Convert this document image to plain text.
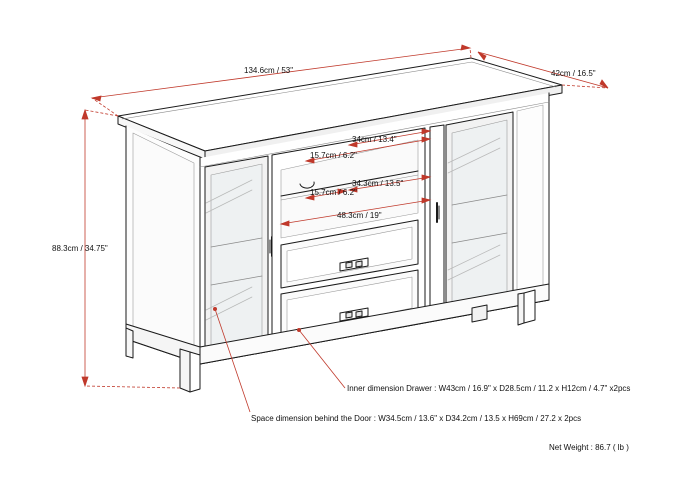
134.6cm / 53"	42cm / 16.5"
88.3cm / 34.75"
34cm / 13.4"
15.7cm / 6.2"
34.3cm / 13.5"
15.7cm / 6.2"
48.3cm / 19"
Inner dimension Drawer : W43cm / 16.9" x D28.5cm / 11.2 x H12cm / 4.7" x2pcs
Space dimension behind the Door : W34.5cm / 13.6" x D34.2cm / 13.5 x H69cm / 27.2 x 2pcs
Net Weight : 86.7 ( lb )
